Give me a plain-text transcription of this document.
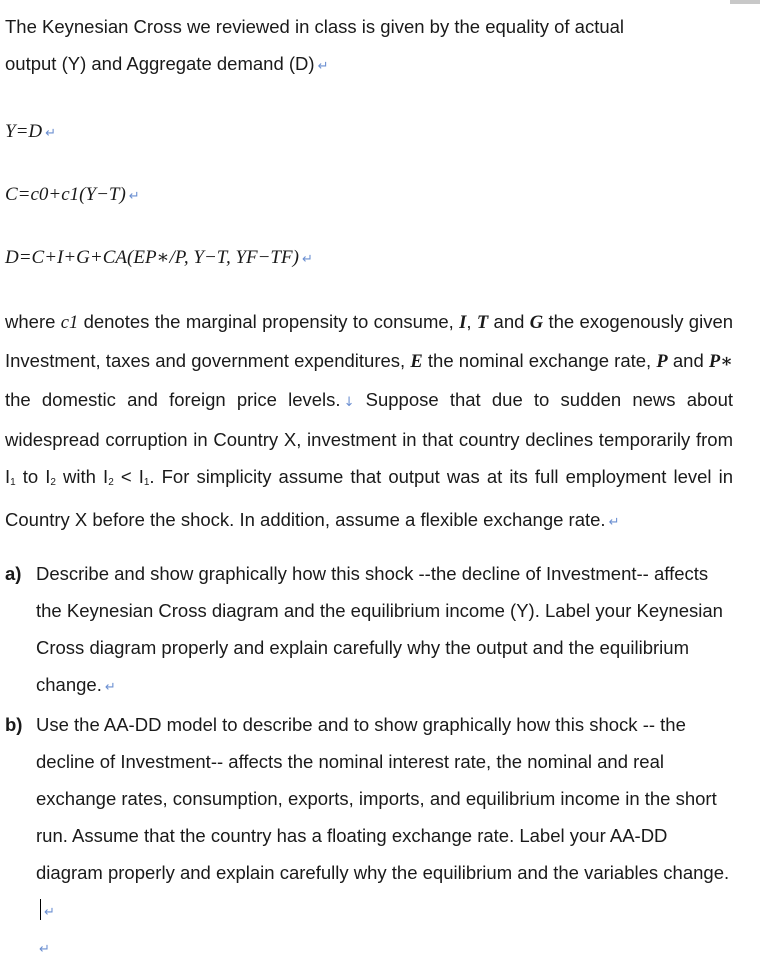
The Keynesian Cross we reviewed in class is given by the equality of actual

output (Y) and Aggregate demand (D) ↵

Y=D ↵

C=c0+c1(Y−T) ↵

D=C+I+G+CA(EP∗/P, Y−T, YF−TF) ↵

where c1 denotes the marginal propensity to consume, I, T and G the exogenously given Investment, taxes and government expenditures, E the nominal exchange rate, P and P∗ the domestic and foreign price levels. ↓ Suppose that due to sudden news about widespread corruption in Country X, investment in that country declines temporarily from $I_1$ to $I_2$ with $I_2 < I_1$. For simplicity assume that output was at its full employment level in Country X before the shock. In addition, assume a flexible exchange rate. ↵

a) Describe and show graphically how this shock --the decline of Investment-- affects the Keynesian Cross diagram and the equilibrium income (Y). Label your Keynesian Cross diagram properly and explain carefully why the output and the equilibrium change. ↵
b) Use the AA-DD model to describe and to show graphically how this shock -- the decline of Investment-- affects the nominal interest rate, the nominal and real exchange rates, consumption, exports, imports, and equilibrium income in the short run. Assume that the country has a floating exchange rate. Label your AA-DD diagram properly and explain carefully why the equilibrium and the variables change.↵
↵
